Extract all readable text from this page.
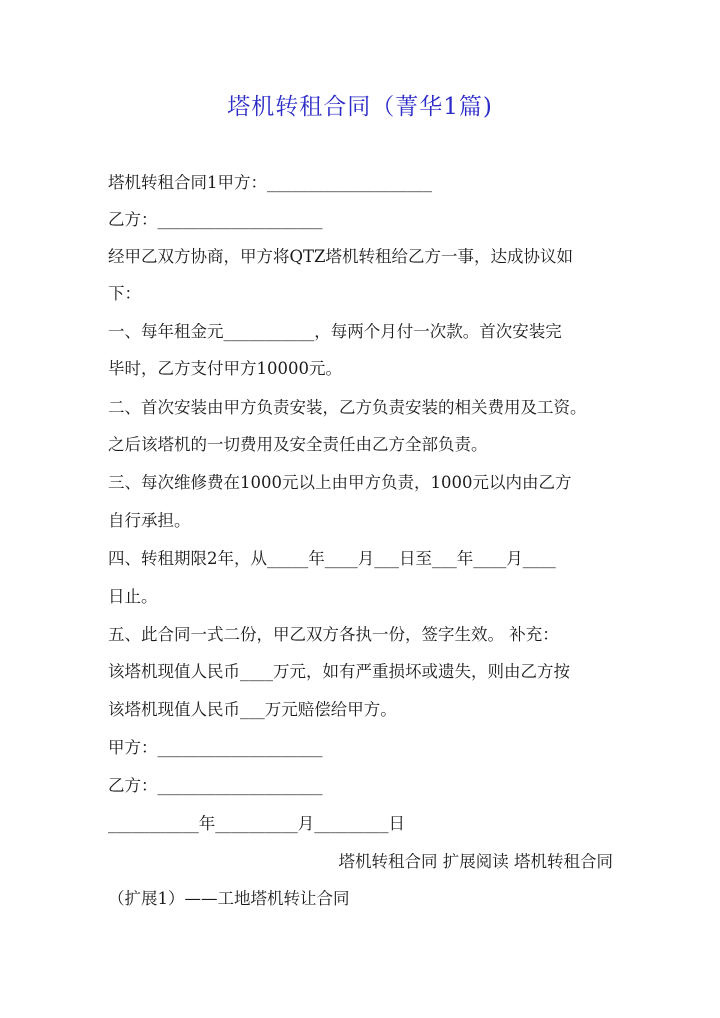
塔机转租合同（菁华1篇)
塔机转租合同1甲方：____________________
乙方：____________________
经甲乙双方协商，甲方将QTZ塔机转租给乙方一事，达成协议如
下：
一、每年租金元___________，每两个月付一次款。首次安装完
毕时，乙方支付甲方10000元。
二、首次安装由甲方负责安装，乙方负责安装的相关费用及工资。
之后该塔机的一切费用及安全责任由乙方全部负责。
三、每次维修费在1000元以上由甲方负责，1000元以内由乙方
自行承担。
四、转租期限2年，从_____年____月___日至___年____月____
日止。
五、此合同一式二份，甲乙双方各执一份，签字生效。 补充：
该塔机现值人民币____万元，如有严重损坏或遗失，则由乙方按
该塔机现值人民币___万元赔偿给甲方。
甲方：____________________
乙方：____________________
___________年__________月_________日
塔机转租合同 扩展阅读 塔机转租合同
（扩展1）——工地塔机转让合同
